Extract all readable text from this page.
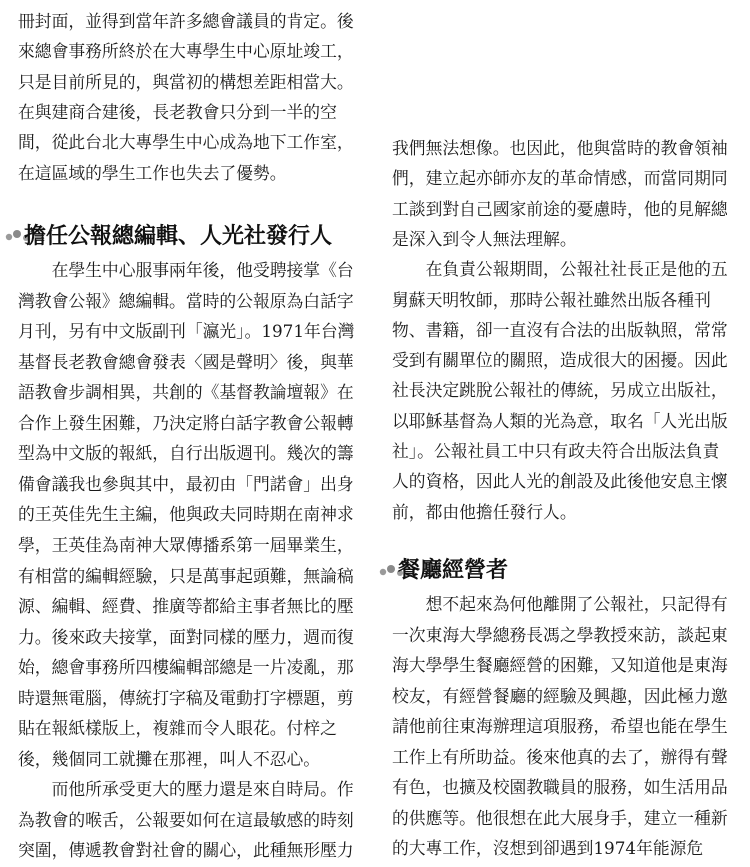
冊封面，並得到當年許多總會議員的肯定。後
來總會事務所終於在大專學生中心原址竣工，
只是目前所見的，與當初的構想差距相當大。
在與建商合建後，長老教會只分到一半的空
間，從此台北大專學生中心成為地下工作室，
在這區域的學生工作也失去了優勢。
擔任公報總編輯、人光社發行人
　　在學生中心服事兩年後，他受聘接掌《台
灣教會公報》總編輯。當時的公報原為白話字
月刊，另有中文版副刊「瀛光」。1971年台灣
基督長老教會總會發表〈國是聲明〉後，與華
語教會步調相異，共創的《基督教論壇報》在
合作上發生困難，乃決定將白話字教會公報轉
型為中文版的報紙，自行出版週刊。幾次的籌
備會議我也參與其中，最初由「門諾會」出身
的王英佳先生主編，他與政夫同時期在南神求
學，王英佳為南神大眾傳播系第一屆畢業生，
有相當的編輯經驗，只是萬事起頭難，無論稿
源、編輯、經費、推廣等都給主事者無比的壓
力。後來政夫接掌，面對同樣的壓力，週而復
始，總會事務所四樓編輯部總是一片凌亂，那
時還無電腦，傳統打字稿及電動打字標題，剪
貼在報紙樣版上，複雜而令人眼花。付梓之
後，幾個同工就攤在那裡，叫人不忍心。
　　而他所承受更大的壓力還是來自時局。作
為教會的喉舌，公報要如何在這最敏感的時刻
突圍，傳遞教會對社會的關心，此種無形壓力
我們無法想像。也因此，他與當時的教會領袖
們，建立起亦師亦友的革命情感，而當同期同
工談到對自己國家前途的憂慮時，他的見解總
是深入到令人無法理解。
　　在負責公報期間，公報社社長正是他的五
舅蘇天明牧師，那時公報社雖然出版各種刊
物、書籍，卻一直沒有合法的出版執照，常常
受到有關單位的關照，造成很大的困擾。因此
社長決定跳脫公報社的傳統，另成立出版社，
以耶穌基督為人類的光為意，取名「人光出版
社」。公報社員工中只有政夫符合出版法負責
人的資格，因此人光的創設及此後他安息主懷
前，都由他擔任發行人。
餐廳經營者
　　想不起來為何他離開了公報社，只記得有
一次東海大學總務長馮之學教授來訪，談起東
海大學學生餐廳經營的困難，又知道他是東海
校友，有經營餐廳的經驗及興趣，因此極力邀
請他前往東海辦理這項服務，希望也能在學生
工作上有所助益。後來他真的去了，辦得有聲
有色，也擴及校園教職員的服務，如生活用品
的供應等。他很想在此大展身手，建立一種新
的大專工作，沒想到卻遇到1974年能源危
